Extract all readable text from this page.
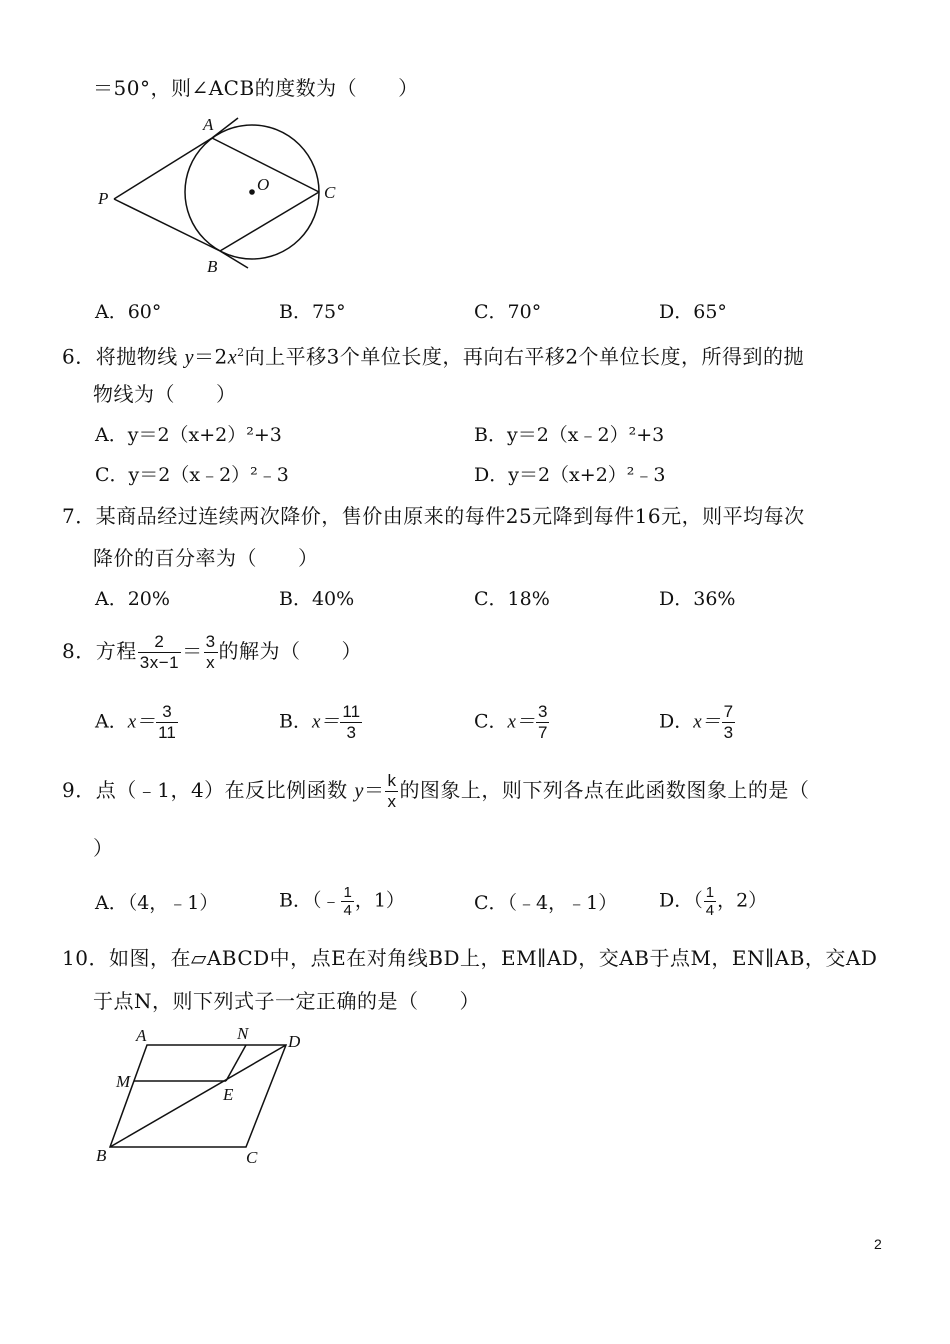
＝50°，则∠ACB的度数为（　　）
A
O
P	C
B
A．60°	B．75°	C．70°	D．65°
6．将抛物线 $y=2x^2$向上平移3个单位长度，再向右平移2个单位长度，所得到的抛
物线为（　　）
A．y＝2（x+2）²+3	B．y＝2（x﹣2）²+3
C．y＝2（x﹣2）²﹣3	D．y＝2（x+2）²﹣3
7．某商品经过连续两次降价，售价由原来的每件25元降到每件16元，则平均每次
降价的百分率为（　　）
A．20%	B．40%	C．18%	D．36%
8．方程 $\frac{2}{3x-1} = \frac{3}{x}$ 的解为（　　）
A．$x= \frac{3}{11}$	B．$x= \frac{11}{3}$	C．$x= \frac{3}{7}$	D．$x= \frac{7}{3}$
9．点（﹣1，4）在反比例函数 $y= \frac{k}{x}$ 的图象上，则下列各点在此函数图象上的是（
）
A．（4，﹣1）	B．（﹣ $\frac{1}{4}$ ，1）	C．（﹣4，﹣1） D．（ $\frac{1}{4}$ ，2）
10．如图，在▱ABCD中，点E在对角线BD上，EM∥AD，交AB于点M，EN∥AB，交AD
于点N，则下列式子一定正确的是（　　）
A	N D
M
E
B	C
2
